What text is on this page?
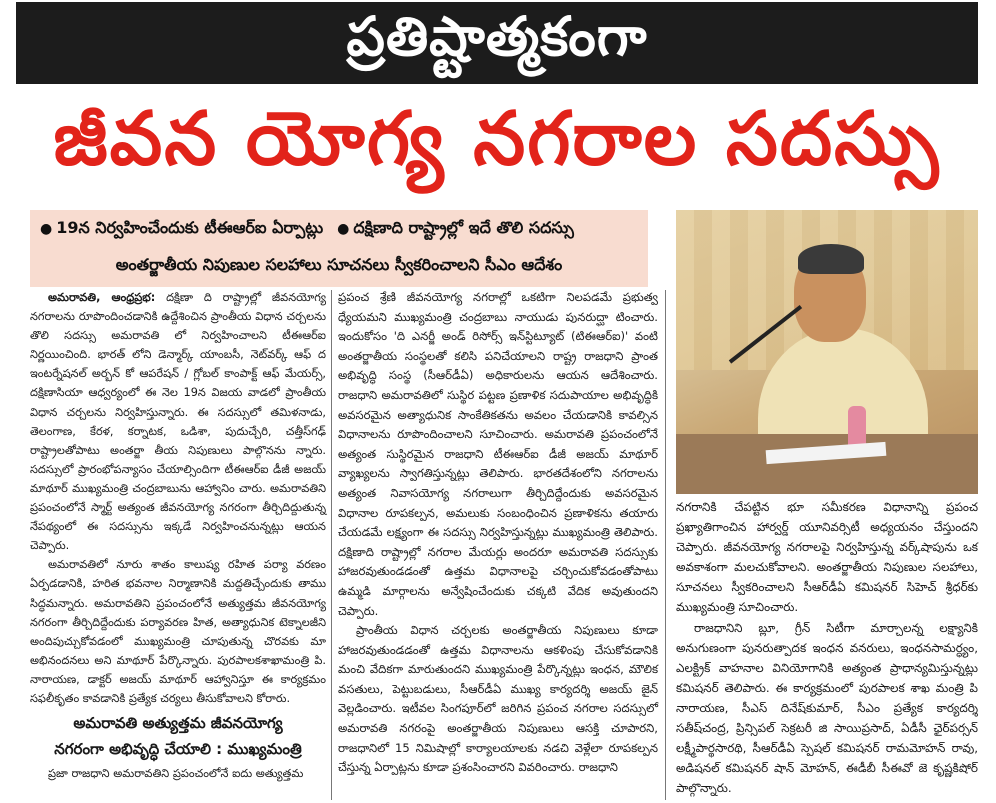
ప్రతిష్టాత్మకంగా
జీవన యోగ్య నగరాల సదస్సు
● 19న నిర్వహించేందుకు టీఈఆర్‌ఐ ఏర్పాట్లు ● దక్షిణాది రాష్ట్రాల్లో ఇదే తొలి సదస్సు
అంతర్జాతీయ నిపుణుల సలహాలు సూచనలు స్వీకరించాలని సీఎం ఆదేశం

అమరావతి, ఆంధ్రప్రభ: దక్షిణా ది రాష్ట్రాల్లో జీవనయోగ్య నగరాలను రూపొందించడానికి ఉద్దేశించిన ప్రాంతీయ విధాన చర్చలను తొలి సదస్సు అమరావతి లో నిర్వహించాలని టీఈఆర్‌ఐ నిర్ణయించింది. భారత్ లోని డెన్మార్క్ యాంబసీ, నెట్‌వర్క్ ఆఫ్ ద ఇంటర్నేషనల్ అర్బన్ కో ఆపరేషన్ / గ్లోబల్ కాంపాక్ట్ ఆఫ్ మేయర్స్, దక్షిణాసియా ఆధ్వర్యంలో ఈ నెల 19న విజయ వాడలో ప్రాంతీయ విధాన చర్చలను నిర్వహిస్తున్నారు. ఈ సదస్సులో తమిళనాడు, తెలంగాణ, కేరళ, కర్నాటక, ఒడిశా, పుదుచ్చేరి, చత్తీస్‌గఢ్ రాష్ట్రాలతోపాటు అంతర్జా తీయ నిపుణులు పాల్గొనను న్నారు. సదస్సులో ప్రారంభోపన్యాసం చేయాల్సిందిగా టీఈఆర్‌ఐ డీజీ అజయ్ మాథూర్ ముఖ్యమంత్రి చంద్రబాబును ఆహ్వానిం చారు. అమరావతిని ప్రపంచంలోనే స్మార్ట్ అత్యంత జీవనయోగ్య నగరంగా తీర్చిదిద్దుతున్న నేపథ్యంలో ఈ సదస్సును ఇక్కడే నిర్వహించనున్నట్లు ఆయన చెప్పారు.

అమరావతిలో నూరు శాతం కాలుష్య రహిత పర్యా వరణం ఏర్పడడానికి, హరిత భవనాల నిర్మాణానికి మద్దతిచ్చేందుకు తాము సిద్ధమన్నారు. అమరావతిని ప్రపంచంలోనే అత్యుత్తమ జీవనయోగ్య నగరంగా తీర్చిదిద్దేందుకు పర్యావరణ హిత, అత్యాధునిక టెక్నాలజీని అందిపుచ్చుకోవడంలో ముఖ్యమంత్రి చూపుతున్న చొరవకు మా అభినందనలు అని మాథూర్ పేర్కొన్నారు. పురపాలకశాఖామంత్రి పి. నారాయణ, డాక్టర్ అజయ్ మాథూర్ ఆహ్వానిస్తూ ఈ కార్యక్రమం సఫలీకృతం కావడానికి ప్రత్యేక చర్యలు తీసుకోవాలని కోరారు.

అమరావతి అత్యుత్తమ జీవనయోగ్య
నగరంగా అభివృద్ధి చేయాలి : ముఖ్యమంత్రి

ప్రజా రాజధాని అమరావతిని ప్రపంచంలోనే ఐదు అత్యుత్తమ

ప్రపంచ శ్రేణి జీవనయోగ్య నగరాల్లో ఒకటిగా నిలపడమే ప్రభుత్వ ధ్యేయమని ముఖ్యమంత్రి చంద్రబాబు నాయుడు పునరుద్ఘా టించారు. ఇందుకోసం 'ది ఎనర్జీ అండ్ రిసోర్స్ ఇన్‌స్టిట్యూట్ (టిఈఆర్‌ఐ)' వంటి అంతర్జాతీయ సంస్థలతో కలిసి పనిచేయాలని రాష్ట్ర రాజధాని ప్రాంత అభివృద్ధి సంస్థ (సీఆర్‌డీఏ) అధికారులను ఆయన ఆదేశించారు. రాజధాని అమరావతిలో సుస్థిర పట్టణ ప్రణాళిక సదుపాయాల అభివృద్ధికి అవసరమైన అత్యాధునిక సాంకేతికతను అవలం చేయడానికి కావల్సిన విధానాలను రూపొందించాలని సూచించారు. అమరావతి ప్రపంచంలోనే అత్యంత సుస్థిరమైన రాజధాని టీఈఆర్‌ఐ డీజీ అజయ్ మాథూర్ వ్యాఖ్యలను స్వాగతిస్తున్నట్లు తెలిపారు. భారతదేశంలోని నగరాలను అత్యంత నివాసయోగ్య నగరాలుగా తీర్చిదిద్దేందుకు అవసరమైన విధానాల రూపకల్పన, అమలుకు సంబంధించిన ప్రణాళికను తయారు చేయడమే లక్ష్యంగా ఈ సదస్సు నిర్వహిస్తున్నట్లు ముఖ్యమంత్రి తెలిపారు. దక్షిణాది రాష్ట్రాల్లో నగరాల మేయర్లు అందరూ అమరావతి సదస్సుకు హాజరవుతుండడంతో ఉత్తమ విధానాలపై చర్చించుకోవడంతోపాటు ఉమ్మడి మార్గాలను అన్వేషించేందుకు చక్కటి వేదిక అవుతుందని చెప్పారు.

ప్రాంతీయ విధాన చర్చలకు అంతర్జాతీయ నిపుణులు కూడా హాజరవుతుండడంతో ఉత్తమ విధానాలను ఆకళింపు చేసుకోవడానికి మంచి వేదికగా మారుతుందని ముఖ్యమంత్రి పేర్కొన్నట్లు ఇంధన, మౌలిక వసతులు, పెట్టుబడులు, సీఆర్‌డీఏ ముఖ్య కార్యదర్శి అజయ్ జైన్ వెల్లడించారు. ఇటీవల సింగపూర్‌లో జరిగిన ప్రపంచ నగరాల సదస్సులో అమరావతి నగరంపై అంతర్జాతీయ నిపుణులు ఆసక్తి చూపారని, రాజధానిలో 15 నిమిషాల్లో కార్యాలయాలకు నడచి వెళ్లేలా రూపకల్పన చేస్తున్న ఏర్పాట్లను కూడా ప్రశంసించారని వివరించారు. రాజధాని

నగరానికి చేపట్టిన భూ సమీకరణ విధానాన్ని ప్రపంచ ప్రఖ్యాతిగాంచిన హార్వర్డ్ యూనివర్సిటీ అధ్యయనం చేస్తుందని చెప్పారు. జీవనయోగ్య నగరాలపై నిర్వహిస్తున్న వర్క్‌షాపును ఒక అవకాశంగా మలచుకోవాలని. అంతర్జాతీయ నిపుణుల సలహాలు, సూచనలు స్వీకరించాలని సీఆర్‌డీఏ కమిషనర్ సిహెచ్ శ్రీధర్‌కు ముఖ్యమంత్రి సూచించారు.

రాజధానిని బ్లూ, గ్రీన్ సిటీగా మార్చాలన్న లక్ష్యానికి అనుగుణంగా పునరుత్పాదక ఇంధన వనరులు, ఇంధనసామర్ధ్యం, ఎలక్ట్రిక్ వాహనాల వినియోగానికి అత్యంత ప్రాధాన్యమిస్తున్నట్లు కమిషనర్ తెలిపారు. ఈ కార్యక్రమంలో పురపాలక శాఖ మంత్రి పి నారాయణ, సీఎస్ దినేష్‌కుమార్, సీఎం ప్రత్యేక కార్యదర్శి సతీష్‌చంద్ర, ప్రిన్సిపల్ సెక్రటరీ జి సాయిప్రసాద్, ఏడీసీ ఛైర్‌పర్సన్ లక్ష్మీపార్థసారథి, సీఆర్‌డీఏ స్పెషల్ కమిషనర్ రామమోహన్ రావు, అడిషనల్ కమిషనర్ షాన్ మోహన్, ఈడీబీ సీఈవో జె కృష్ణకిషోర్ పాల్గొన్నారు.
